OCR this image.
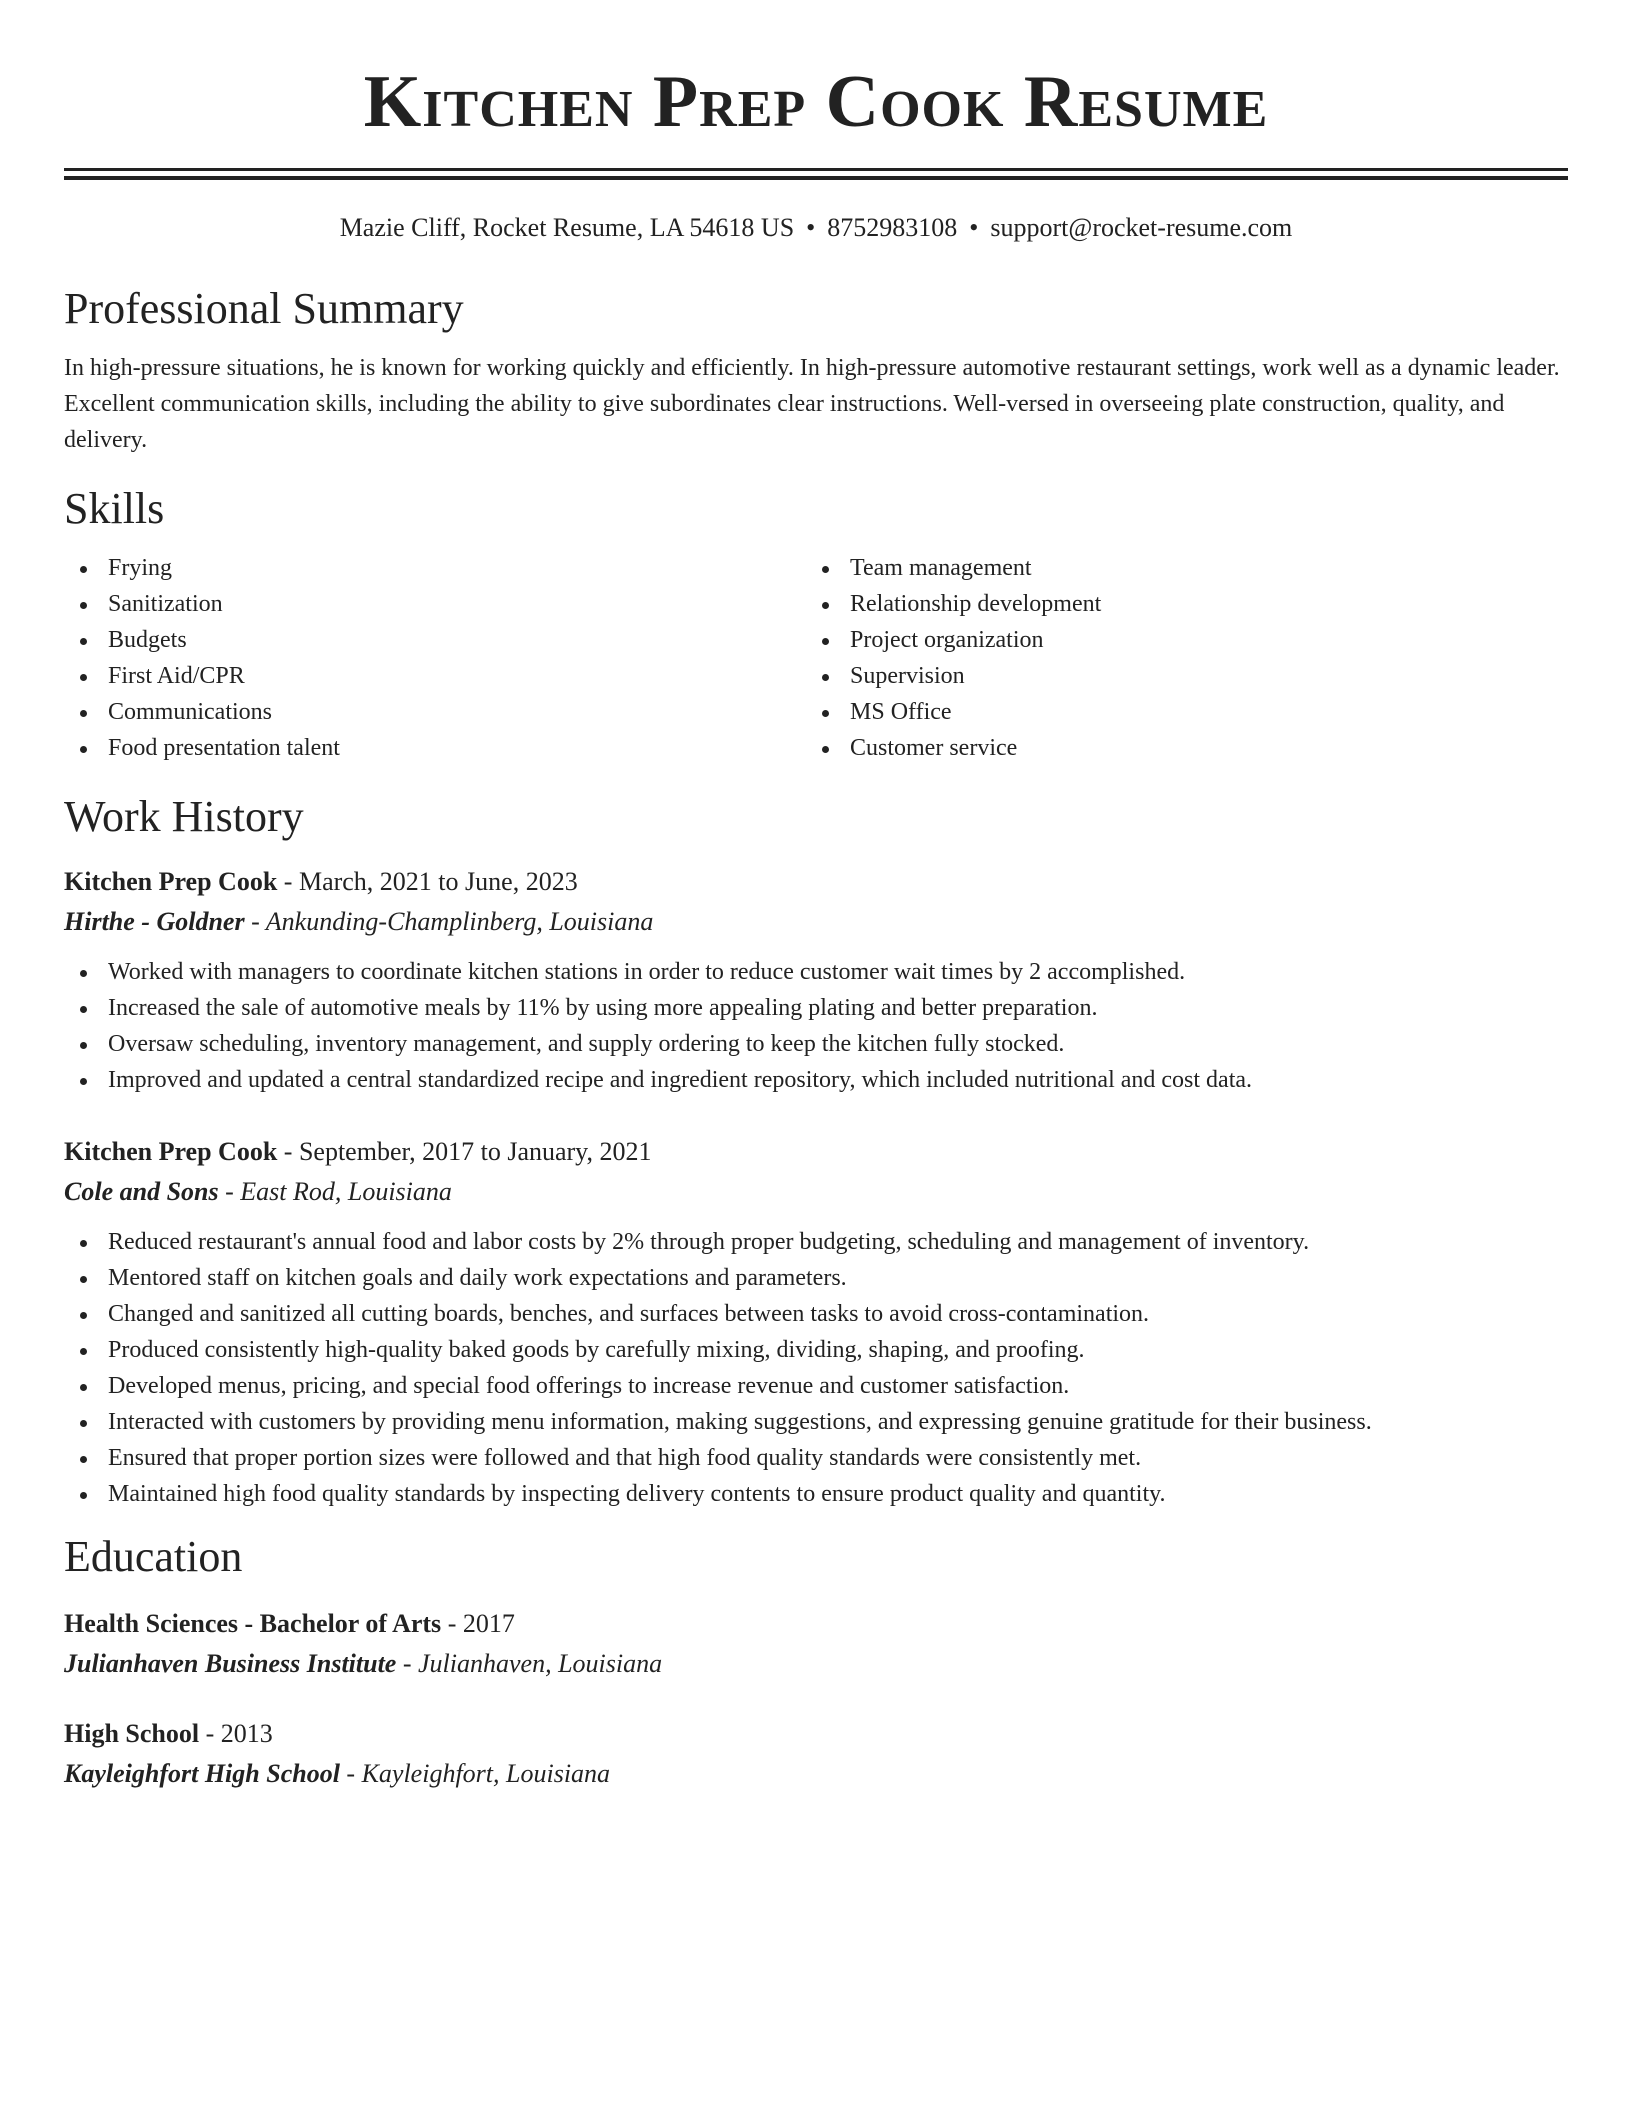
Kitchen Prep Cook Resume
Mazie Cliff, Rocket Resume, LA 54618 US • 8752983108 • support@rocket-resume.com
Professional Summary
In high-pressure situations, he is known for working quickly and efficiently. In high-pressure automotive restaurant settings, work well as a dynamic leader. Excellent communication skills, including the ability to give subordinates clear instructions. Well-versed in overseeing plate construction, quality, and delivery.
Skills
Frying
Sanitization
Budgets
First Aid/CPR
Communications
Food presentation talent
Team management
Relationship development
Project organization
Supervision
MS Office
Customer service
Work History
Kitchen Prep Cook - March, 2021 to June, 2023
Hirthe - Goldner - Ankunding-Champlinberg, Louisiana
Worked with managers to coordinate kitchen stations in order to reduce customer wait times by 2 accomplished.
Increased the sale of automotive meals by 11% by using more appealing plating and better preparation.
Oversaw scheduling, inventory management, and supply ordering to keep the kitchen fully stocked.
Improved and updated a central standardized recipe and ingredient repository, which included nutritional and cost data.
Kitchen Prep Cook - September, 2017 to January, 2021
Cole and Sons - East Rod, Louisiana
Reduced restaurant's annual food and labor costs by 2% through proper budgeting, scheduling and management of inventory.
Mentored staff on kitchen goals and daily work expectations and parameters.
Changed and sanitized all cutting boards, benches, and surfaces between tasks to avoid cross-contamination.
Produced consistently high-quality baked goods by carefully mixing, dividing, shaping, and proofing.
Developed menus, pricing, and special food offerings to increase revenue and customer satisfaction.
Interacted with customers by providing menu information, making suggestions, and expressing genuine gratitude for their business.
Ensured that proper portion sizes were followed and that high food quality standards were consistently met.
Maintained high food quality standards by inspecting delivery contents to ensure product quality and quantity.
Education
Health Sciences - Bachelor of Arts - 2017
Julianhaven Business Institute - Julianhaven, Louisiana
High School - 2013
Kayleighfort High School - Kayleighfort, Louisiana
